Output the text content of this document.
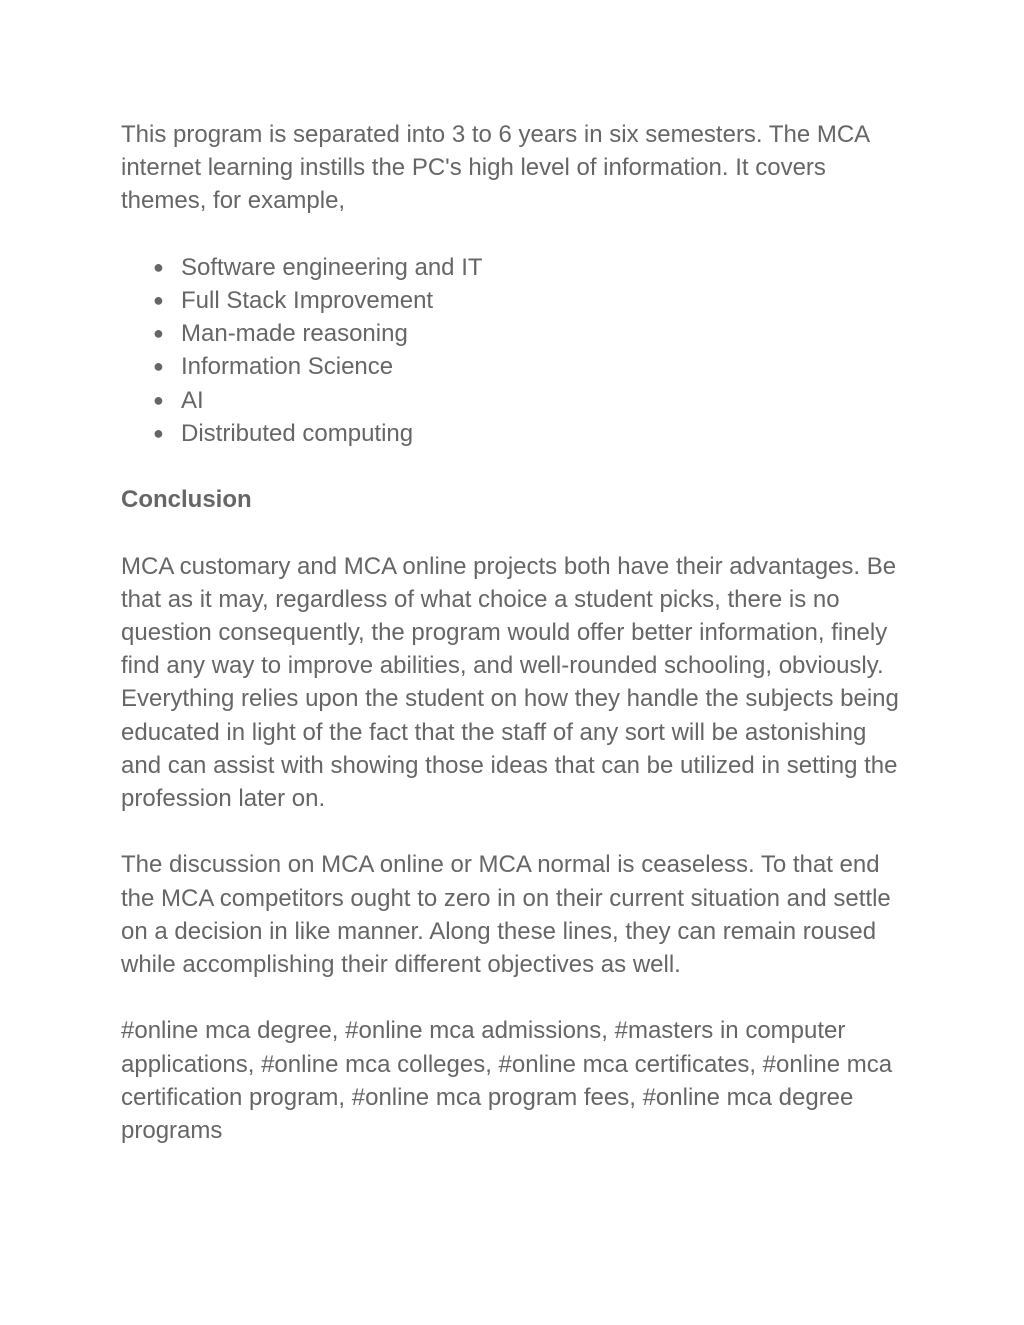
This program is separated into 3 to 6 years in six semesters. The MCA internet learning instills the PC's high level of information. It covers themes, for example,

● Software engineering and IT
● Full Stack Improvement
● Man-made reasoning
● Information Science
● AI
● Distributed computing

Conclusion

MCA customary and MCA online projects both have their advantages. Be that as it may, regardless of what choice a student picks, there is no question consequently, the program would offer better information, finely find any way to improve abilities, and well-rounded schooling, obviously. Everything relies upon the student on how they handle the subjects being educated in light of the fact that the staff of any sort will be astonishing and can assist with showing those ideas that can be utilized in setting the profession later on.

The discussion on MCA online or MCA normal is ceaseless. To that end the MCA competitors ought to zero in on their current situation and settle on a decision in like manner. Along these lines, they can remain roused while accomplishing their different objectives as well.

#online mca degree, #online mca admissions, #masters in computer applications, #online mca colleges, #online mca certificates, #online mca certification program, #online mca program fees, #online mca degree programs
